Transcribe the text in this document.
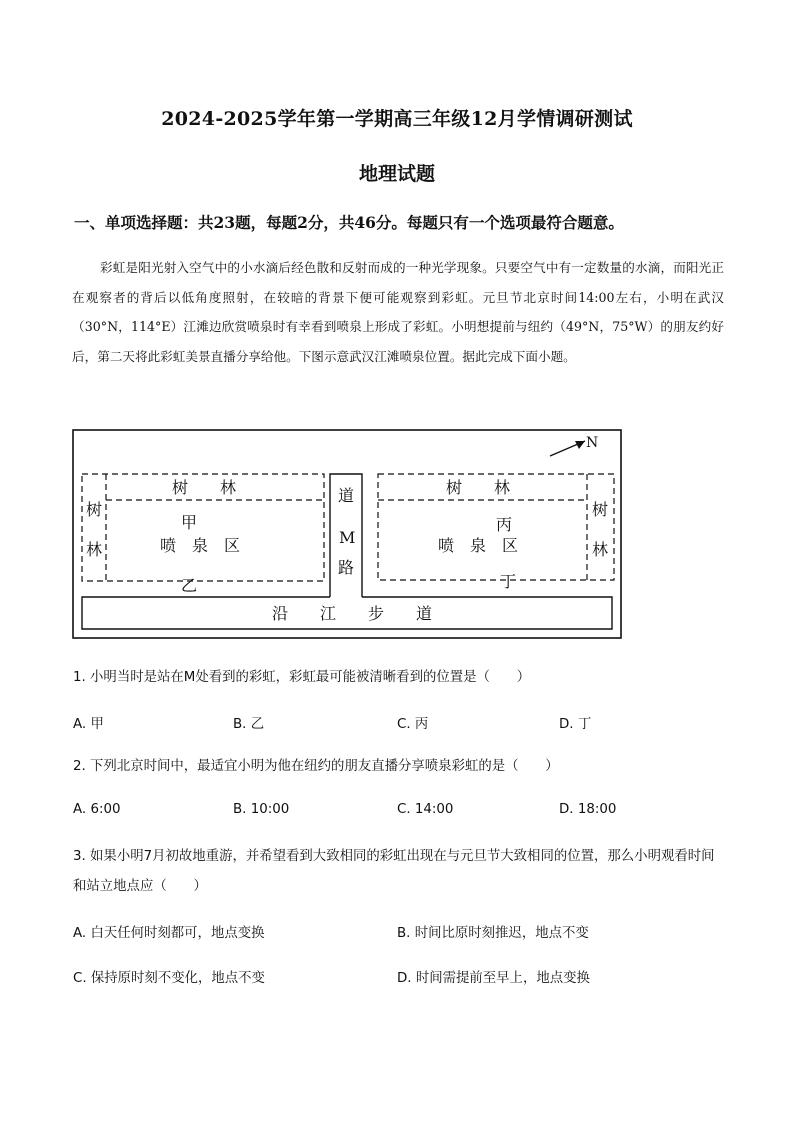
2024-2025学年第一学期高三年级12月学情调研测试
地理试题
一、单项选择题：共23题，每题2分，共46分。每题只有一个选项最符合题意。
彩虹是阳光射入空气中的小水滴后经色散和反射而成的一种光学现象。只要空气中有一定数量的水滴，而阳光正在观察者的背后以低角度照射，在较暗的背景下便可能观察到彩虹。元旦节北京时间14:00左右，小明在武汉（30°N，114°E）江滩边欣赏喷泉时有幸看到喷泉上形成了彩虹。小明想提前与纽约（49°N，75°W）的朋友约好后，第二天将此彩虹美景直播分享给他。下图示意武汉江滩喷泉位置。据此完成下面小题。
N
树　　林	树　　林
树
林
树
林
甲
喷　泉　区
丙
喷　泉　区
道
M
路
乙	丁
沿　　江　　步　　道
1. 小明当时是站在M处看到的彩虹，彩虹最可能被清晰看到的位置是（　　）
A. 甲	B. 乙	C. 丙	D. 丁
2. 下列北京时间中，最适宜小明为他在纽约的朋友直播分享喷泉彩虹的是（　　）
A. 6:00	B. 10:00	C. 14:00	D. 18:00
3. 如果小明7月初故地重游，并希望看到大致相同的彩虹出现在与元旦节大致相同的位置，那么小明观看时间和站立地点应（　　）
A. 白天任何时刻都可，地点变换	B. 时间比原时刻推迟，地点不变
C. 保持原时刻不变化，地点不变	D. 时间需提前至早上，地点变换
